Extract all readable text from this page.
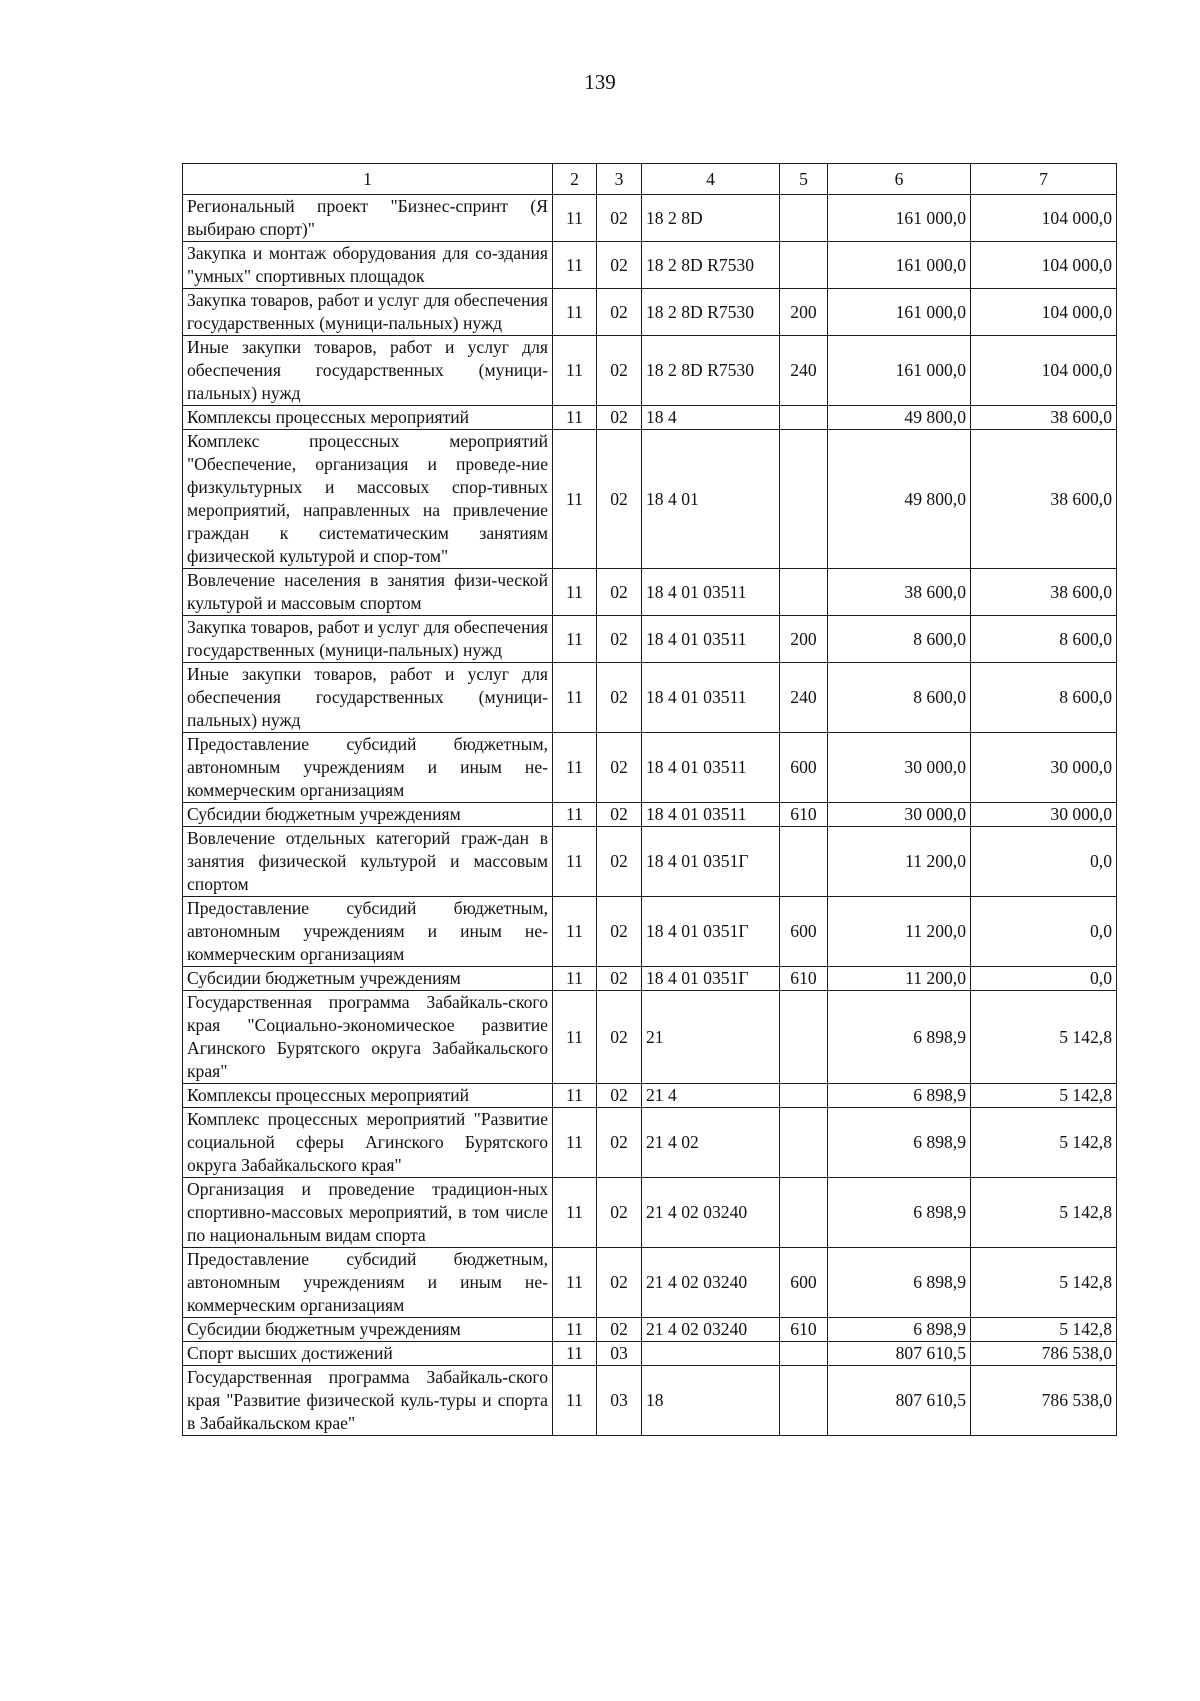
139
1	2	3	4	5	6	7
Региональный проект "Бизнес-спринт (Я выбираю спорт)"	11	02	18 2 8D		161 000,0	104 000,0
Закупка и монтаж оборудования для со-здания "умных" спортивных площадок	11	02	18 2 8D R7530		161 000,0	104 000,0
Закупка товаров, работ и услуг для обеспечения государственных (муници-пальных) нужд	11	02	18 2 8D R7530	200	161 000,0	104 000,0
Иные закупки товаров, работ и услуг для обеспечения государственных (муници-пальных) нужд	11	02	18 2 8D R7530	240	161 000,0	104 000,0
Комплексы процессных мероприятий	11	02	18 4		49 800,0	38 600,0
Комплекс процессных мероприятий "Обеспечение, организация и проведе-ние физкультурных и массовых спор-тивных мероприятий, направленных на привлечение граждан к систематическим занятиям физической культурой и спор-том"	11	02	18 4 01		49 800,0	38 600,0
Вовлечение населения в занятия физи-ческой культурой и массовым спортом	11	02	18 4 01 03511		38 600,0	38 600,0
Закупка товаров, работ и услуг для обеспечения государственных (муници-пальных) нужд	11	02	18 4 01 03511	200	8 600,0	8 600,0
Иные закупки товаров, работ и услуг для обеспечения государственных (муници-пальных) нужд	11	02	18 4 01 03511	240	8 600,0	8 600,0
Предоставление субсидий бюджетным, автономным учреждениям и иным не-коммерческим организациям	11	02	18 4 01 03511	600	30 000,0	30 000,0
Субсидии бюджетным учреждениям	11	02	18 4 01 03511	610	30 000,0	30 000,0
Вовлечение отдельных категорий граж-дан в занятия физической культурой и массовым спортом	11	02	18 4 01 0351Г		11 200,0	0,0
Предоставление субсидий бюджетным, автономным учреждениям и иным не-коммерческим организациям	11	02	18 4 01 0351Г	600	11 200,0	0,0
Субсидии бюджетным учреждениям	11	02	18 4 01 0351Г	610	11 200,0	0,0
Государственная программа Забайкаль-ского края "Социально-экономическое развитие Агинского Бурятского округа Забайкальского края"	11	02	21		6 898,9	5 142,8
Комплексы процессных мероприятий	11	02	21 4		6 898,9	5 142,8
Комплекс процессных мероприятий "Развитие социальной сферы Агинского Бурятского округа Забайкальского края"	11	02	21 4 02		6 898,9	5 142,8
Организация и проведение традицион-ных спортивно-массовых мероприятий, в том числе по национальным видам спорта	11	02	21 4 02 03240		6 898,9	5 142,8
Предоставление субсидий бюджетным, автономным учреждениям и иным не-коммерческим организациям	11	02	21 4 02 03240	600	6 898,9	5 142,8
Субсидии бюджетным учреждениям	11	02	21 4 02 03240	610	6 898,9	5 142,8
Спорт высших достижений	11	03			807 610,5	786 538,0
Государственная программа Забайкаль-ского края "Развитие физической куль-туры и спорта в Забайкальском крае"	11	03	18		807 610,5	786 538,0
